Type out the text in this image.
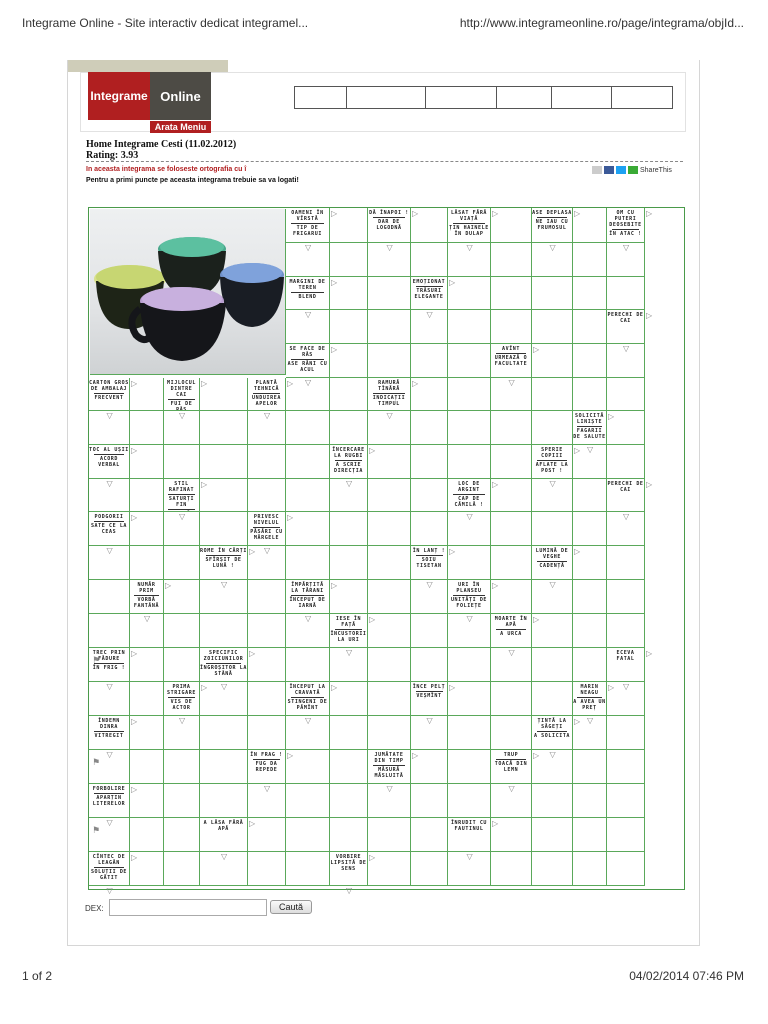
Integrame Online - Site interactiv dedicat integramel...	http://www.integrameonline.ro/page/integrama/objId...
Integrame Online
Arata Meniu
Home Integrame Cesti (11.02.2012)
Rating: 3.93
In aceasta integrama se foloseste ortografia cu î
Pentru a primi puncte pe aceasta integrama trebuie sa va logati!
ShareThis
▷
▽
OAMENI ÎN VÎRSTĂ
TIP DE FRIGARUI
▷
▽
DĂ ÎNAPOI !
DAR DE LOGODNĂ
▷
▽
LĂSAT FĂRĂ VIAȚĂ
ȚIN HAINELE ÎN DULAP
▷
▽
ASE DEPLASA
NE IAU CU FRUMOSUL
▷
▽
OM CU PUTERI DEOSEBITE
ÎN ATAC !
▷
▽
MARGINI DE TEREN
BLEND
▷
▽
EMOȚIONAT
TRĂSURI ELEGANTE
▷
▽
PERECHI DE CAI
▷
▽
SE FACE DE RÂS
ASE RĂNI CU ACUL
▷
▽
AVÎNT
URMEAZĂ O FACULTATE
▷
▽
CARTON GROS DE AMBALAJ
FRECVENT
▷
▽
MIJLOCUL DINTRE CAI
FUI DE RÂS
▷
▽
PLANTĂ TEHNICĂ
UNDUIREA APELOR
▷
▽
RAMURĂ TÎNĂRĂ
INDICAȚII TIMPUL
▷
▽
SOLICITĂ LINIȘTE
FAGARII DE SALUTE
▷
▽
TOC AL UȘII
ACORD VERBAL
▷
▽
ÎNCERCARE LA RUGBI
A SCRIE DIRECȚIA
▷
▽
SPERIE COPIII
AFLATE LA POST !
▷
▽
STIL RAFINAT
SATURȚI FIN
▷
▽
LOC DE ARGINT
CAP DE CĂMILĂ !
▷
▽
PERECHI DE CAI
▷
▽
PODGORII
SATE CE LA CEAS
▷
▽
PRIVESC NIVELUL
PĂSĂRI CU MĂRGELE
▷
▽
ROME ÎN CĂRȚI
SFÎRȘIT DE LUNĂ !
▷
▽
ÎN LANȚ !
SOIU TISETAN
▷
▽
LUMINĂ DE VEGHE
CADENȚĂ
▷
▽
NUMĂR PRIM
VORBĂ FANTÂNĂ
▷
▽
ÎMPĂRȚITĂ LA TĂRANI
ÎNCEPUT DE IARNĂ
▷
▽
URI ÎN PLANSEU
UNITĂȚI DE FOLIEȚE
▷
▽
IESE ÎN FAȚĂ
ÎNCUSTORII LA URI
▷
▽
MOARTE ÎN APĂ
A URCA
▷
▽
TREC PRIN FĂDURE
ÎN FRIG !
▷
▽
SPECIFIC ZOICIUNILOR
ÎNGROȘITOR LA STÂNĂ
▷
▽
ECEVA FATAL
▷
▽
PRIMA STRIGARE
VIS DE ACTOR
▷
▽
ÎNCEPUT LA CRAVATĂ
STINGENI DE PĂMÎNT
▷
▽
ÎNCE PELȚ
VEȘMÎNT
▷
▽
MARIN NEAGU
A AVEA UN PREȚ
▷
▽
ÎNDEMN DINRA
VITREGIT
▷
▽
ȚINTĂ LA SĂGEȚI
A SOLICITA
▷
▽
ÎN FRAG !
FUG DA REPEDE
▷
▽
JUMĂTATE DIN TIMP
MĂSURĂ MĂSLUITĂ
▷
▽
TRUP
TOACĂ DIN LEMN
▷
▽
FORBOLIRE
APARȚIN LITERELOR
▷
▽
A LĂSA FĂRĂ APĂ
▷
▽
ÎNRUDIT CU FAUTINUL
▷
▽
CÎNTEC DE LEAGĂN
SOLUȚII DE GĂTIT
▷
▽
VORBIRE LIPSITĂ DE SENS
⚑
⚑
⚑
DEX:	Caută
1 of 2	04/02/2014 07:46 PM
